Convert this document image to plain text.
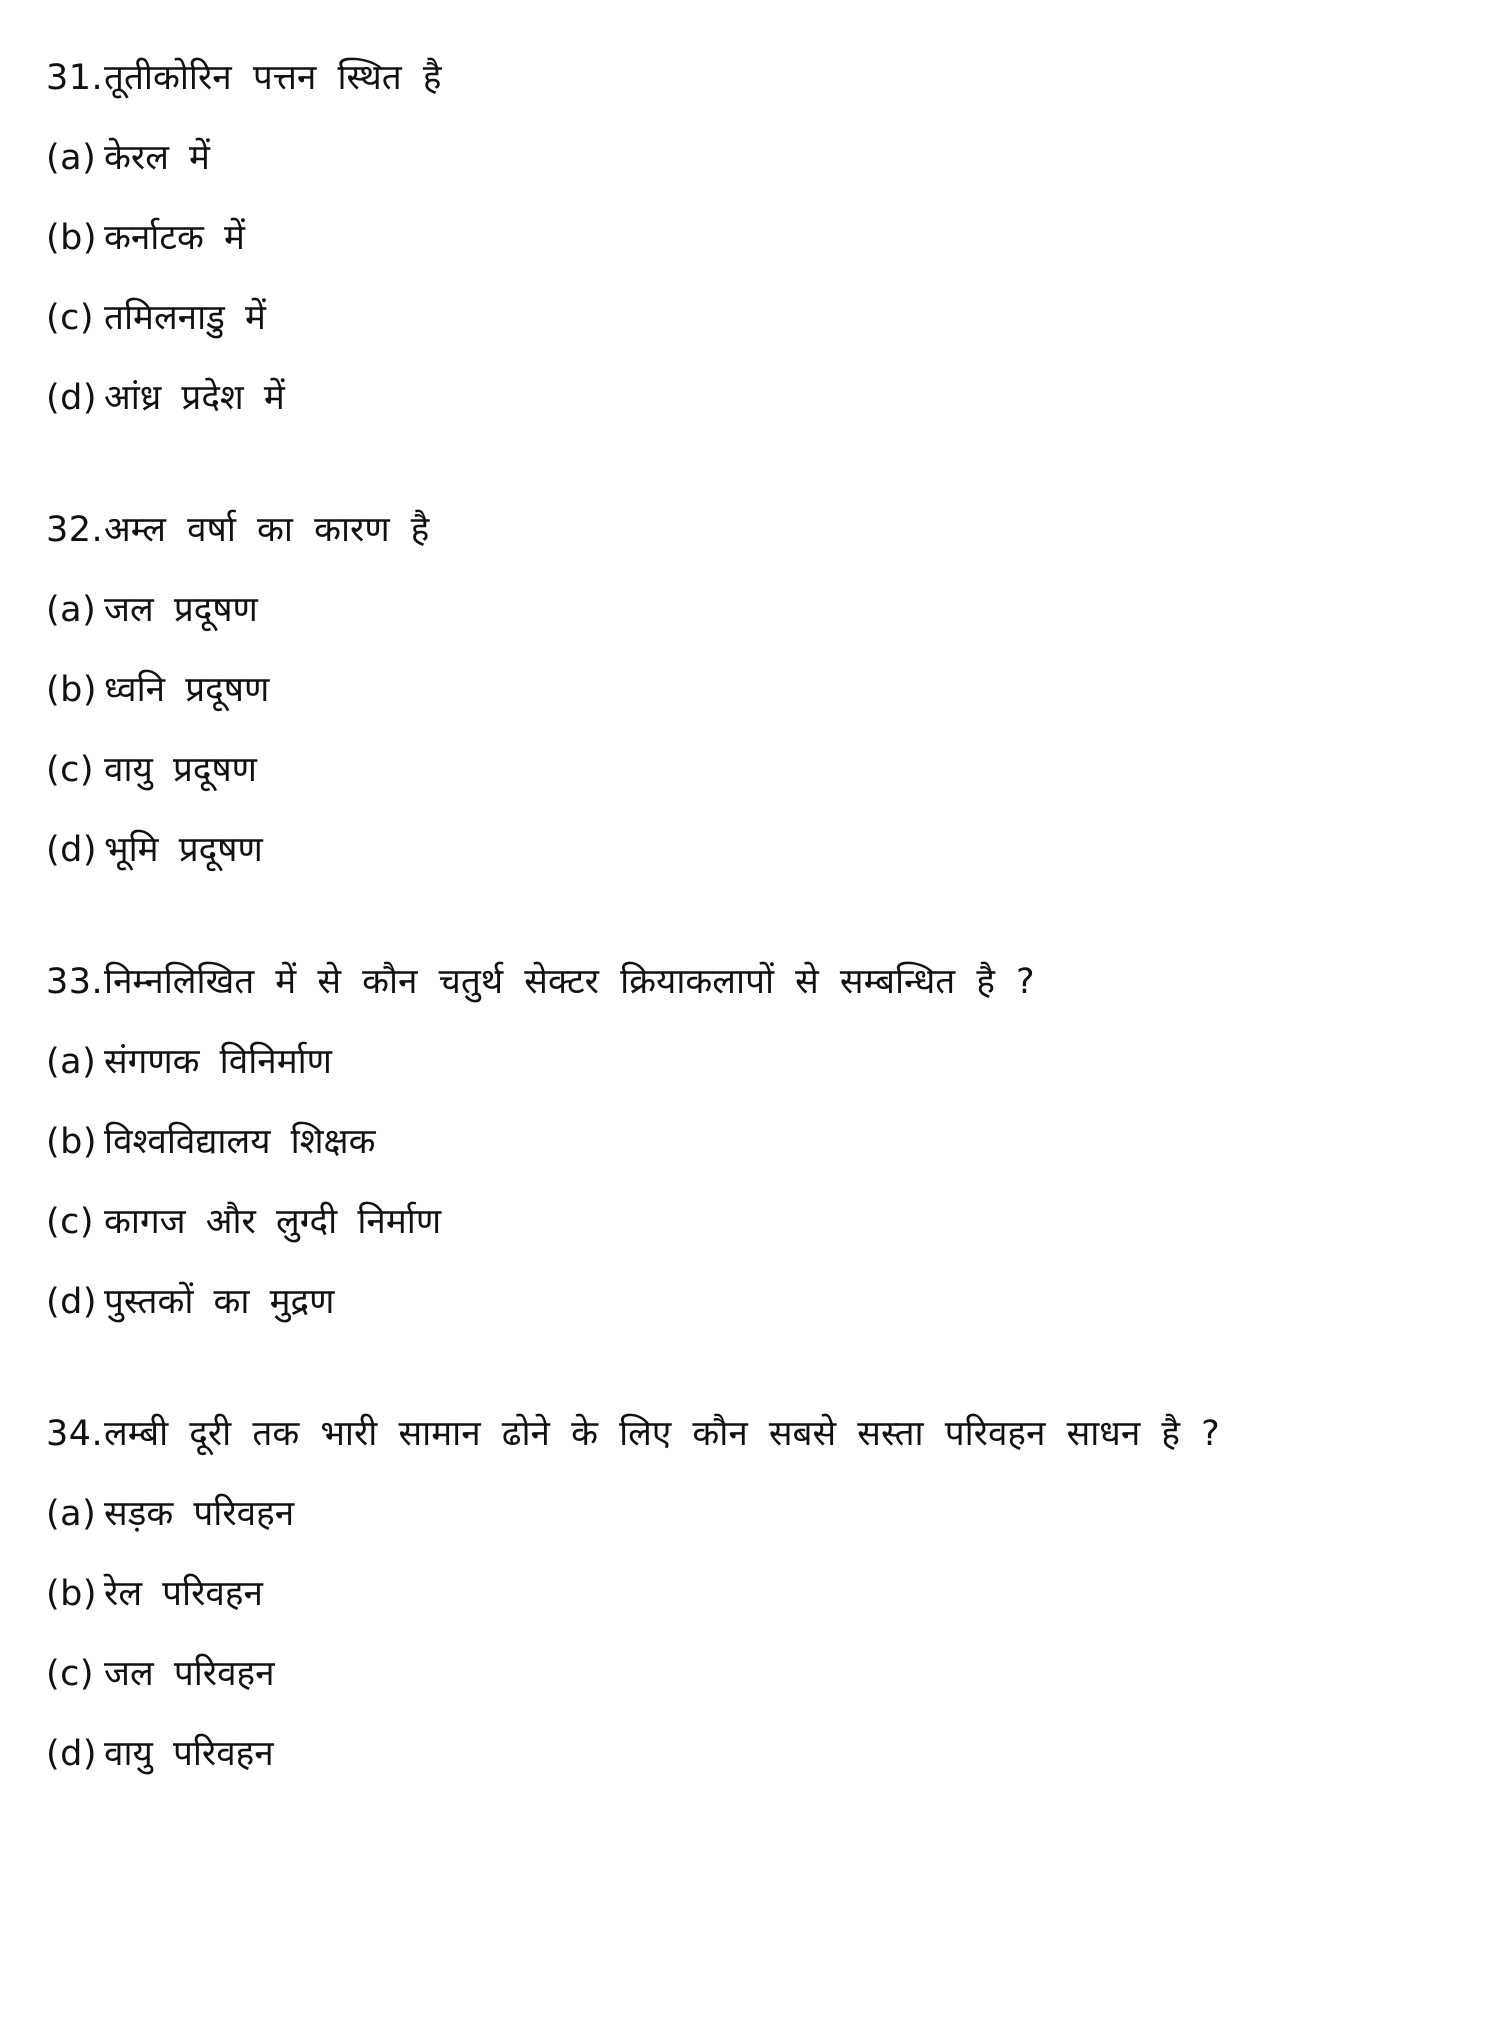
31. तूतीकोरिन पत्तन स्थित है
(a) केरल में
(b) कर्नाटक में
(c) तमिलनाडु में
(d) आंध्र प्रदेश में
32. अम्ल वर्षा का कारण है
(a) जल प्रदूषण
(b) ध्वनि प्रदूषण
(c) वायु प्रदूषण
(d) भूमि प्रदूषण
33. निम्नलिखित में से कौन चतुर्थ सेक्टर क्रियाकलापों से सम्बन्धित है ?
(a) संगणक विनिर्माण
(b) विश्वविद्यालय शिक्षक
(c) कागज और लुग्दी निर्माण
(d) पुस्तकों का मुद्रण
34. लम्बी दूरी तक भारी सामान ढोने के लिए कौन सबसे सस्ता परिवहन साधन है ?
(a) सड़क परिवहन
(b) रेल परिवहन
(c) जल परिवहन
(d) वायु परिवहन
